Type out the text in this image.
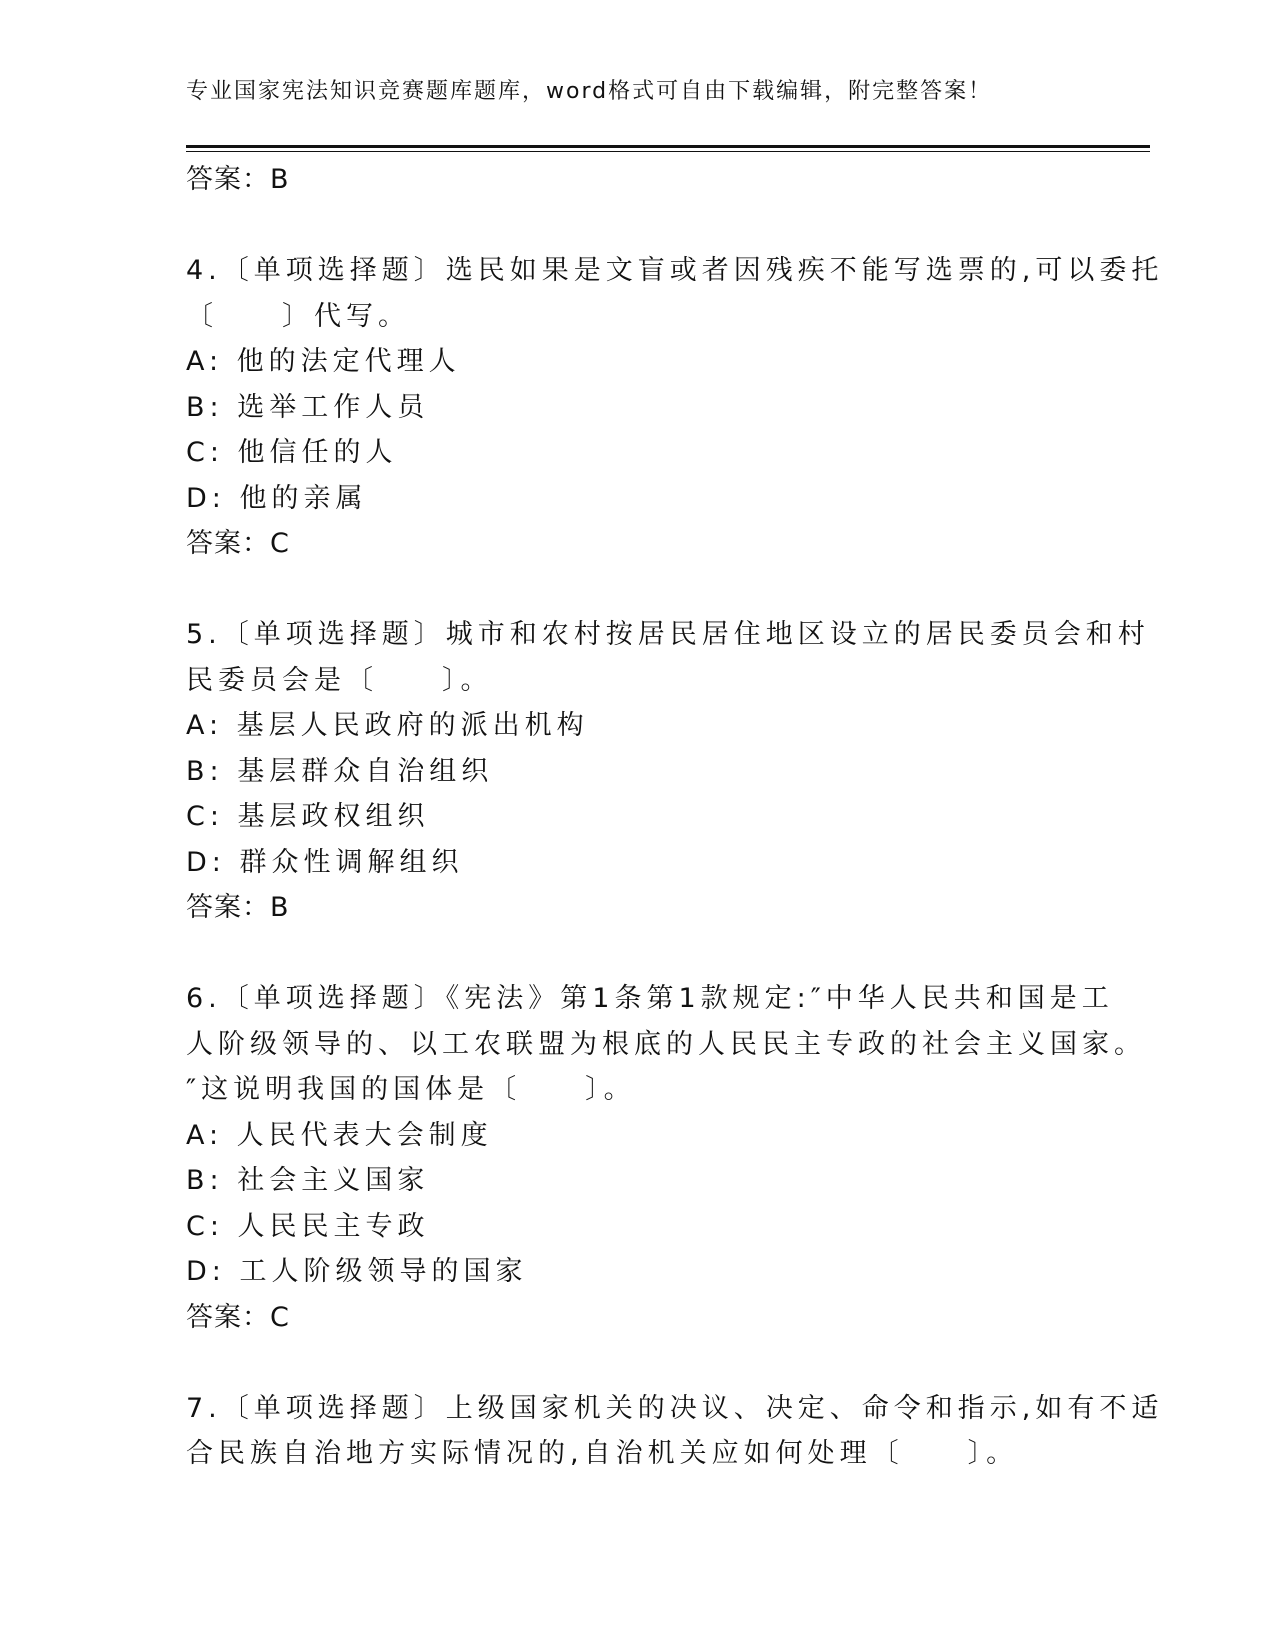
专业国家宪法知识竞赛题库题库，word格式可自由下载编辑，附完整答案！
答案：B
4.〔单项选择题〕选民如果是文盲或者因残疾不能写选票的,可以委托
〔　　〕代写。
A: 他的法定代理人
B: 选举工作人员
C: 他信任的人
D: 他的亲属
答案：C
5.〔单项选择题〕城市和农村按居民居住地区设立的居民委员会和村
民委员会是〔　　〕。
A: 基层人民政府的派出机构
B: 基层群众自治组织
C: 基层政权组织
D: 群众性调解组织
答案：B
6.〔单项选择题〕《宪法》第1条第1款规定:″中华人民共和国是工
人阶级领导的、以工农联盟为根底的人民民主专政的社会主义国家。
″这说明我国的国体是〔　　〕。
A: 人民代表大会制度
B: 社会主义国家
C: 人民民主专政
D: 工人阶级领导的国家
答案：C
7.〔单项选择题〕上级国家机关的决议、决定、命令和指示,如有不适
合民族自治地方实际情况的,自治机关应如何处理〔　　〕。
